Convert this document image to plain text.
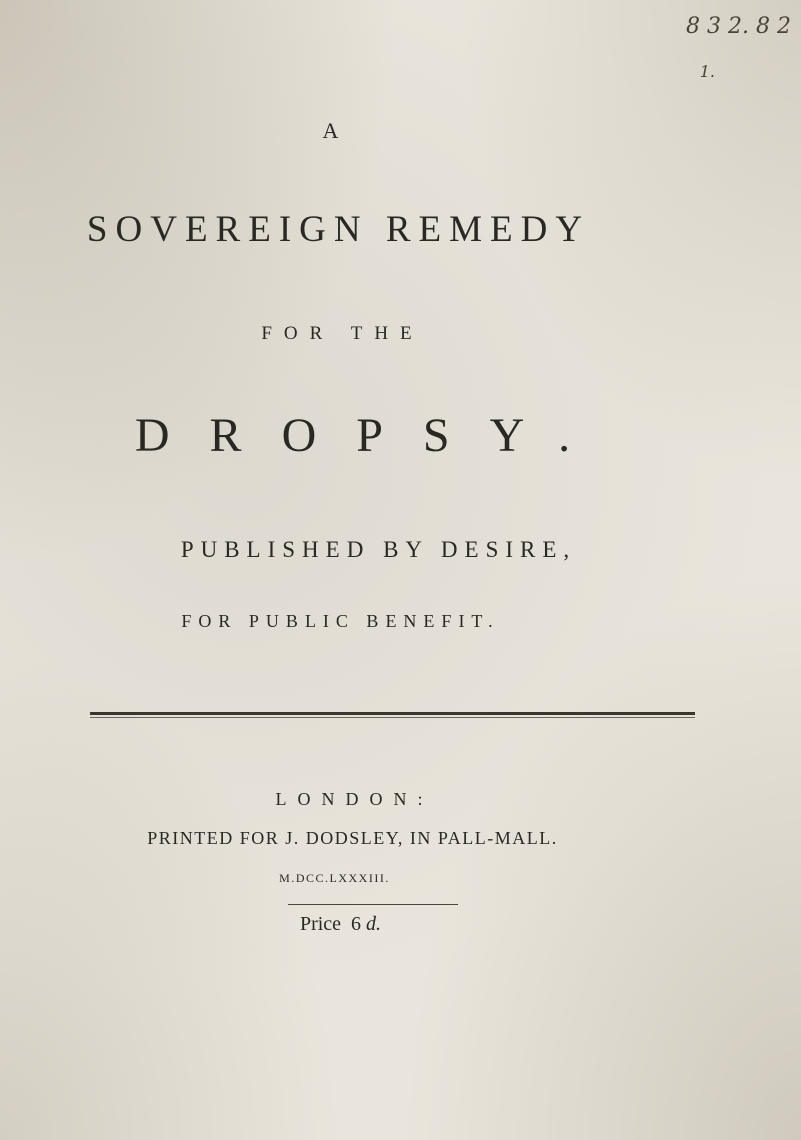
8 3 2. 8 2
1.

A

SOVEREIGN REMEDY

FOR THE

DROPSY.

PUBLISHED BY DESIRE,

FOR PUBLIC BENEFIT.

LONDON:

PRINTED FOR J. DODSLEY, IN PALL-MALL.

M.DCC.LXXXIII.

Price 6 d.
